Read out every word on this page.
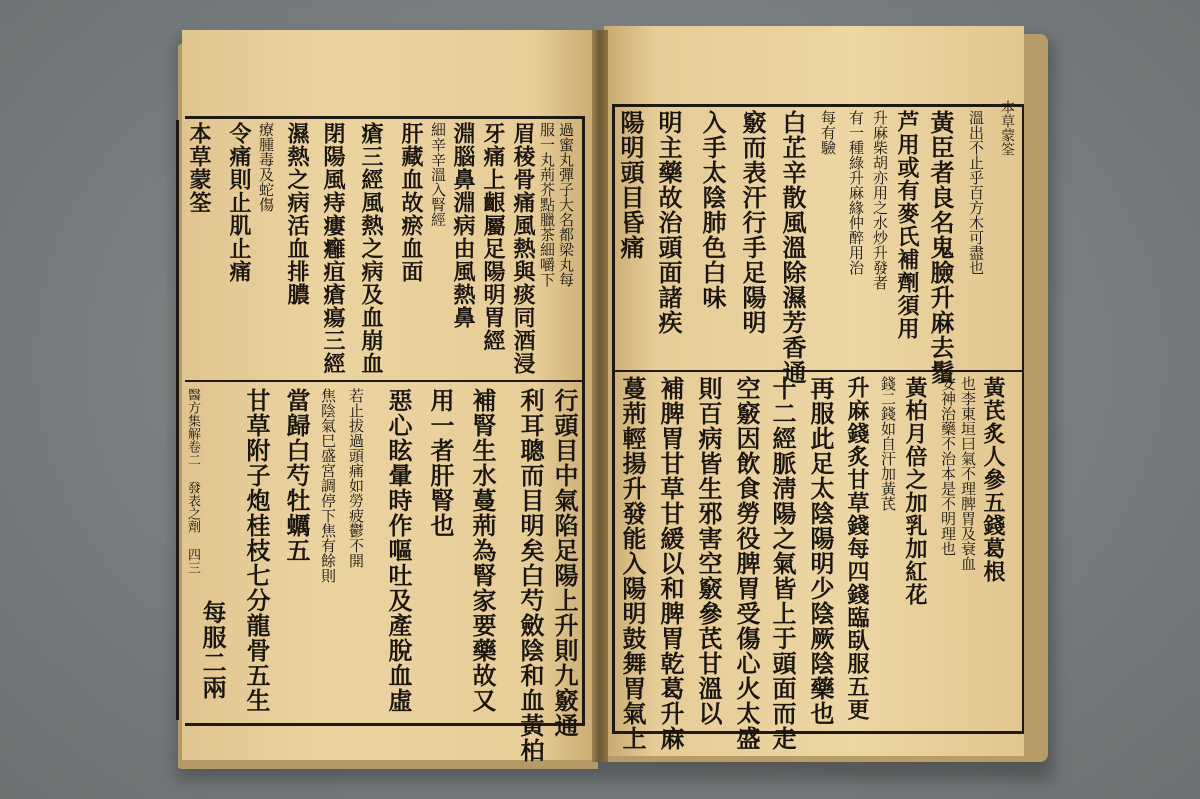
過蜜丸彈子大名都梁丸每
服一丸荊芥點臘茶細嚼下
眉稜骨痛風熱與痰同酒浸
牙痛上齦屬足陽明胃經
淵腦鼻淵病由風熱鼻
細辛辛溫入腎經
肝藏血故瘀血面
瘡三經風熱之病及血崩血
閉陽風痔瘻癰疽瘡瘍三經
濕熱之病活血排膿
療腫毒及蛇傷
令痛則止肌止痛
本草蒙筌
行頭目中氣陷足陽上升則九竅通
利耳聰而目明矣白芍斂陰和血黃柏
補腎生水蔓荊為腎家要藥故又
用一者肝腎也
惡心眩暈時作嘔吐及產脫血虛
若止拔過頭痛如勞疲鬱不開
焦陰氣巳盛宮調停下焦有餘則
當歸白芍牡蠣五
甘草附子炮桂枝七分龍骨五生
每服二兩
醫方集解卷二 發表之劑 四三
本草蒙筌
溫出不止乎百方木可盡也
黃臣者良名鬼臉升麻去鬚
芦用或有麥氏補劑須用
升麻柴胡亦用之水炒升發者
有一種綠升麻緣仲醉用治
每有驗
白芷辛散風溫除濕芳香通
竅而表汗行手足陽明
入手太陰肺色白味
明主藥故治頭面諸疾
陽明頭目昏痛
黃芪炙人參五錢葛根
也李東垣曰氣不理脾胃及衰血
安神治藥不治本是不明理也
黃柏月倍之加乳加紅花
錢二錢如自汗加黃芪
升麻錢炙甘草錢每四錢臨臥服五更
再服此足太陰陽明少陰厥陰藥也
十二經脈淸陽之氣皆上于頭面而走
空竅因飲食勞役脾胃受傷心火太盛
則百病皆生邪害空竅參芪甘溫以
補脾胃甘草甘緩以和脾胃乾葛升麻
蔓荊輕揚升發能入陽明鼓舞胃氣上
